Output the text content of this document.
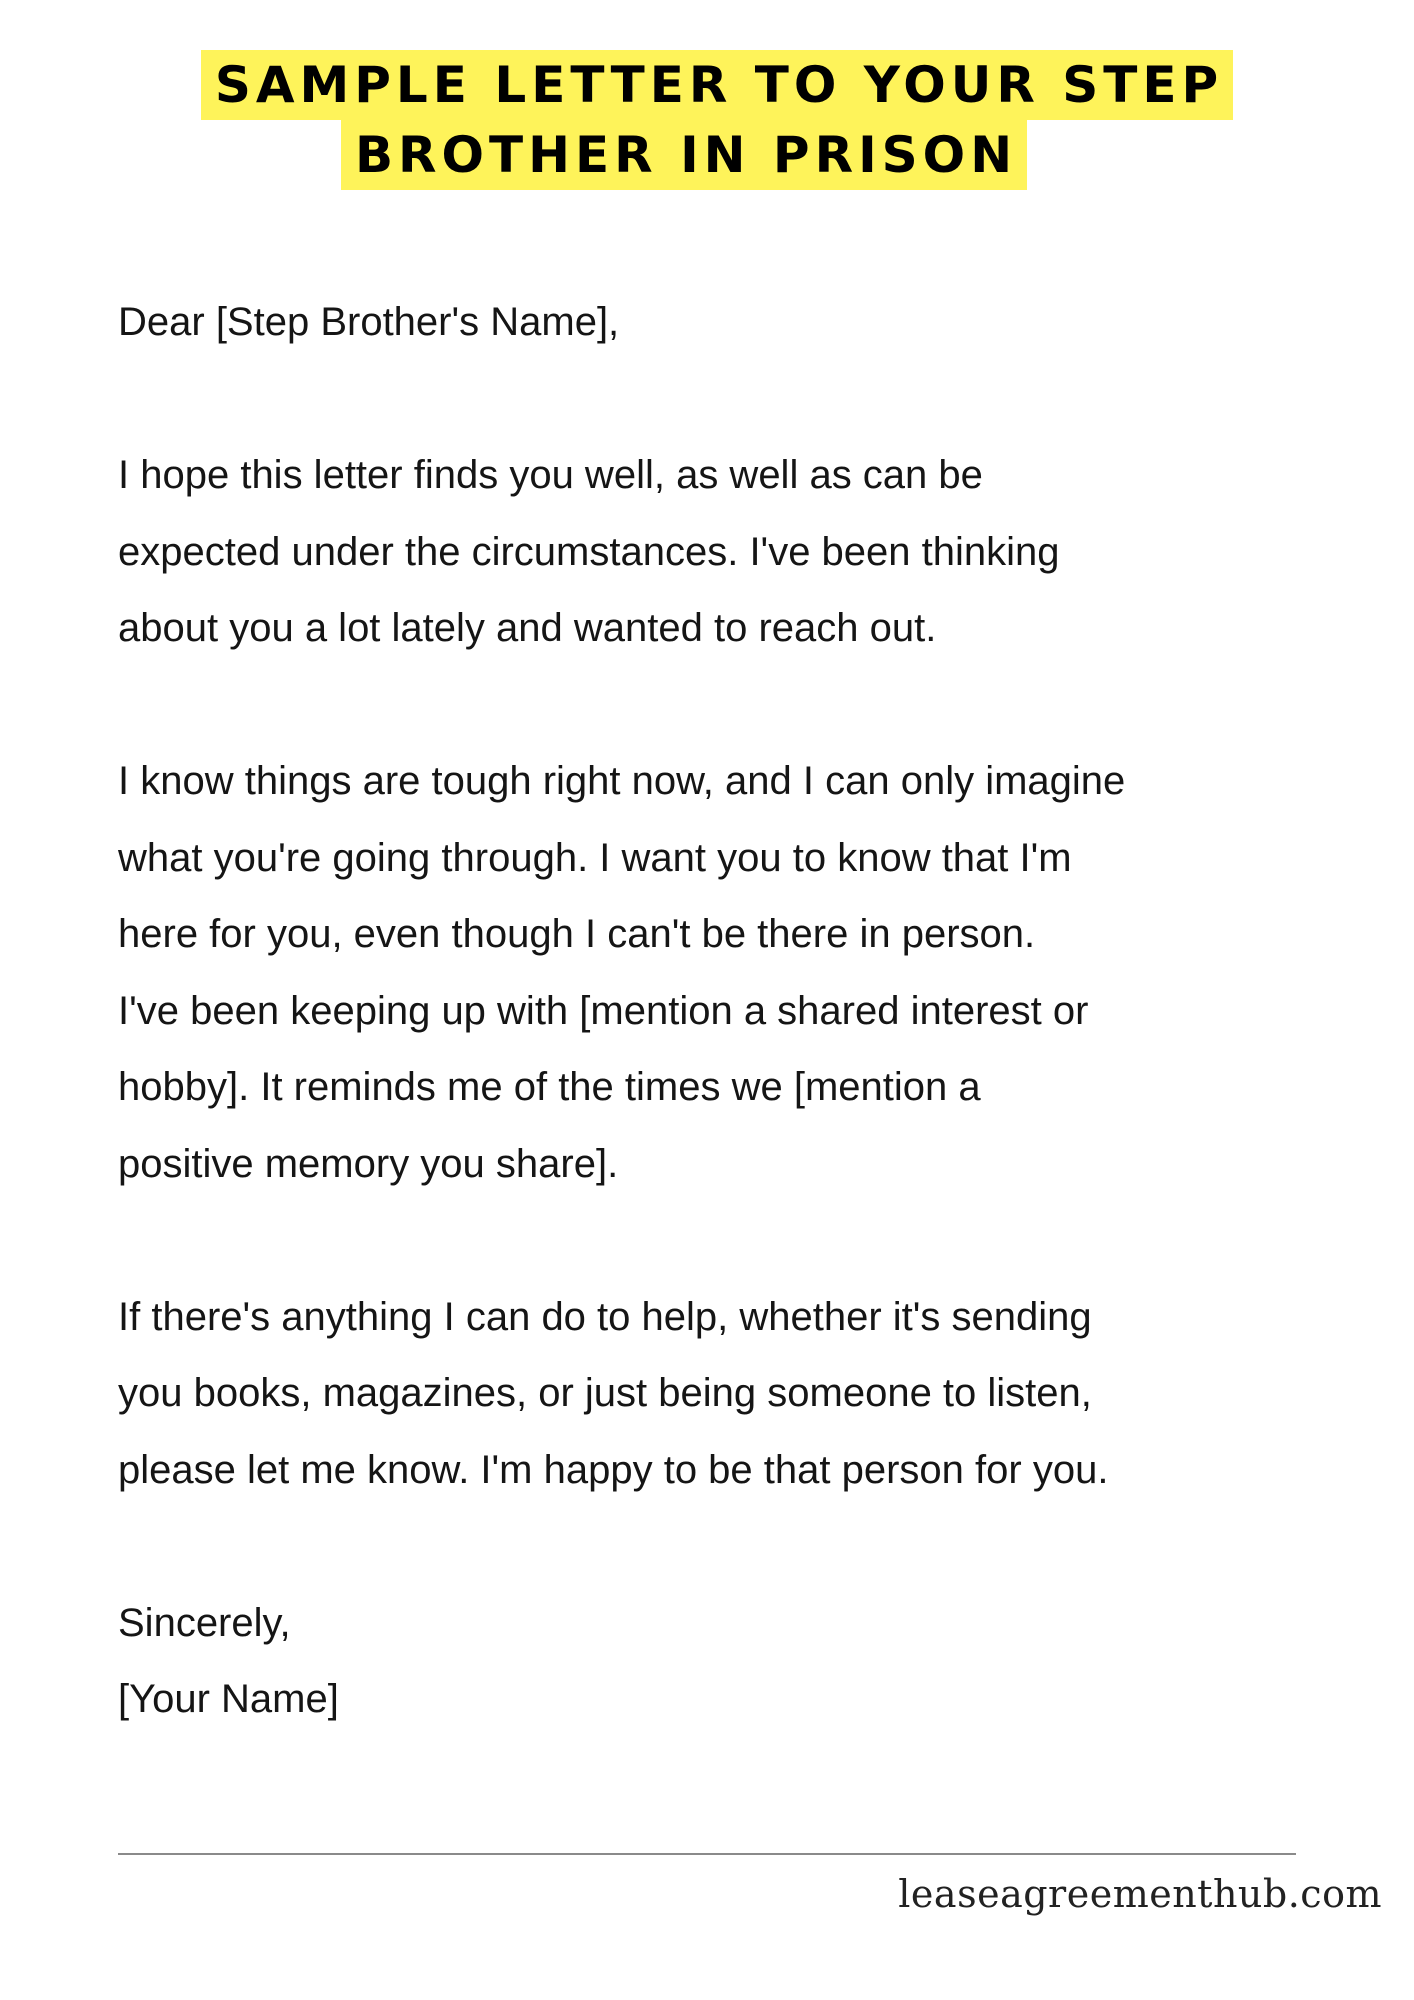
SAMPLE LETTER TO YOUR STEP
BROTHER IN PRISON

Dear [Step Brother's Name],

I hope this letter finds you well, as well as can be

expected under the circumstances. I've been thinking

about you a lot lately and wanted to reach out.

I know things are tough right now, and I can only imagine

what you're going through. I want you to know that I'm

here for you, even though I can't be there in person.

I've been keeping up with [mention a shared interest or

hobby]. It reminds me of the times we [mention a

positive memory you share].

If there's anything I can do to help, whether it's sending

you books, magazines, or just being someone to listen,

please let me know. I'm happy to be that person for you.

Sincerely,

[Your Name]

leaseagreementhub.com
